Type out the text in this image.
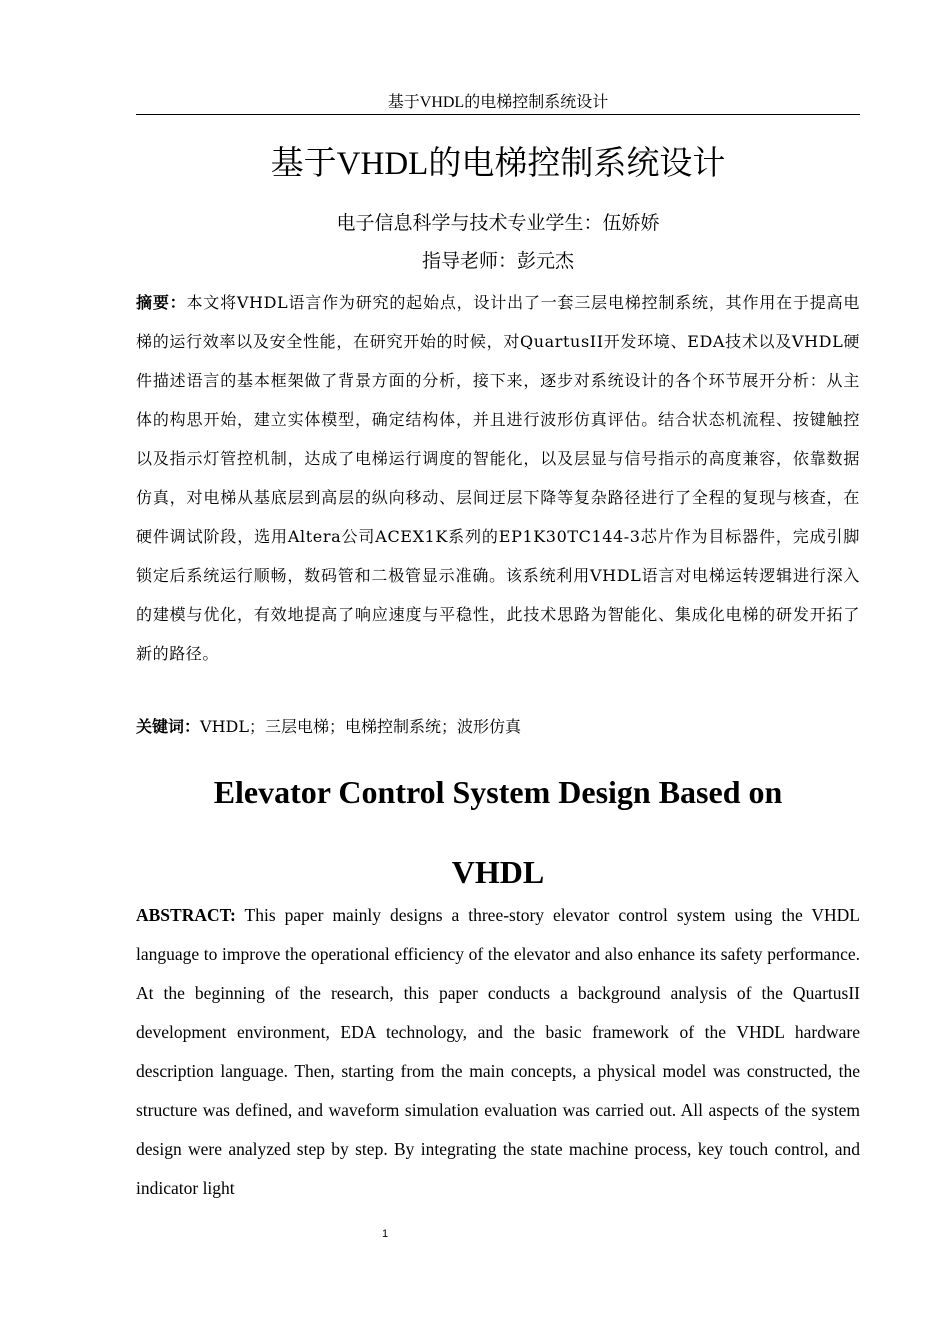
基于VHDL的电梯控制系统设计
基于VHDL的电梯控制系统设计
电子信息科学与技术专业学生：伍娇娇
指导老师：彭元杰
摘要：本文将VHDL语言作为研究的起始点，设计出了一套三层电梯控制系统，其作用在于提高电梯的运行效率以及安全性能，在研究开始的时候，对QuartusII开发环境、EDA技术以及VHDL硬件描述语言的基本框架做了背景方面的分析，接下来，逐步对系统设计的各个环节展开分析：从主体的构思开始，建立实体模型，确定结构体，并且进行波形仿真评估。结合状态机流程、按键触控以及指示灯管控机制，达成了电梯运行调度的智能化，以及层显与信号指示的高度兼容，依靠数据仿真，对电梯从基底层到高层的纵向移动、层间迂层下降等复杂路径进行了全程的复现与核查，在硬件调试阶段，选用Altera公司ACEX1K系列的EP1K30TC144-3芯片作为目标器件，完成引脚锁定后系统运行顺畅，数码管和二极管显示准确。该系统利用VHDL语言对电梯运转逻辑进行深入的建模与优化，有效地提高了响应速度与平稳性，此技术思路为智能化、集成化电梯的研发开拓了新的路径。
关键词：VHDL；三层电梯；电梯控制系统；波形仿真
Elevator Control System Design Based on
VHDL
ABSTRACT: This paper mainly designs a three-story elevator control system using the VHDL language to improve the operational efficiency of the elevator and also enhance its safety performance. At the beginning of the research, this paper conducts a background analysis of the QuartusII development environment, EDA technology, and the basic framework of the VHDL hardware description language. Then, starting from the main concepts, a physical model was constructed, the structure was defined, and waveform simulation evaluation was carried out. All aspects of the system design were analyzed step by step. By integrating the state machine process, key touch control, and indicator light
1
